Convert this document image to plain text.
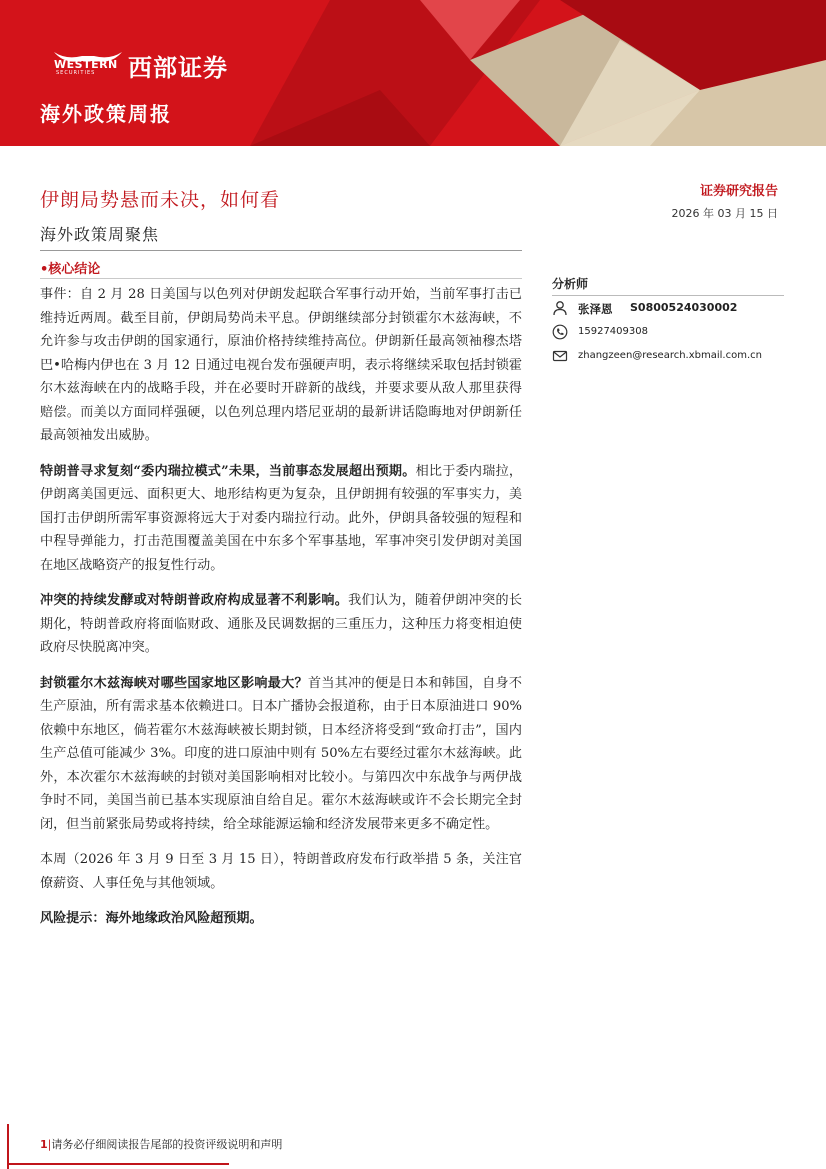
WESTERN
SECURITIES 西部证券
海外政策周报
证券研究报告
2026 年 03 月 15 日
伊朗局势悬而未决，如何看
海外政策周聚焦
•核心结论

事件：自 2 月 28 日美国与以色列对伊朗发起联合军事行动开始，当前军事打击已维持近两周。截至目前，伊朗局势尚未平息。伊朗继续部分封锁霍尔木兹海峡，不允许参与攻击伊朗的国家通行，原油价格持续维持高位。伊朗新任最高领袖穆杰塔巴•哈梅内伊也在 3 月 12 日通过电视台发布强硬声明，表示将继续采取包括封锁霍尔木兹海峡在内的战略手段，并在必要时开辟新的战线，并要求要从敌人那里获得赔偿。而美以方面同样强硬，以色列总理内塔尼亚胡的最新讲话隐晦地对伊朗新任最高领袖发出威胁。

特朗普寻求复刻“委内瑞拉模式”未果，当前事态发展超出预期。相比于委内瑞拉，伊朗离美国更远、面积更大、地形结构更为复杂，且伊朗拥有较强的军事实力，美国打击伊朗所需军事资源将远大于对委内瑞拉行动。此外，伊朗具备较强的短程和中程导弹能力，打击范围覆盖美国在中东多个军事基地，军事冲突引发伊朗对美国在地区战略资产的报复性行动。

冲突的持续发酵或对特朗普政府构成显著不利影响。我们认为，随着伊朗冲突的长期化，特朗普政府将面临财政、通胀及民调数据的三重压力，这种压力将变相迫使政府尽快脱离冲突。

封锁霍尔木兹海峡对哪些国家地区影响最大？首当其冲的便是日本和韩国，自身不生产原油，所有需求基本依赖进口。日本广播协会报道称，由于日本原油进口 90%依赖中东地区，倘若霍尔木兹海峡被长期封锁，日本经济将受到“致命打击”，国内生产总值可能减少 3%。印度的进口原油中则有 50%左右要经过霍尔木兹海峡。此外，本次霍尔木兹海峡的封锁对美国影响相对比较小。与第四次中东战争与两伊战争时不同，美国当前已基本实现原油自给自足。霍尔木兹海峡或许不会长期完全封闭，但当前紧张局势或将持续，给全球能源运输和经济发展带来更多不确定性。

本周（2026 年 3 月 9 日至 3 月 15 日），特朗普政府发布行政举措 5 条，关注官僚薪资、人事任免与其他领域。

风险提示：海外地缘政治风险超预期。

分析师
张泽恩 S0800524030002
15927409308
zhangzeen@research.xbmail.com.cn
1|请务必仔细阅读报告尾部的投资评级说明和声明
